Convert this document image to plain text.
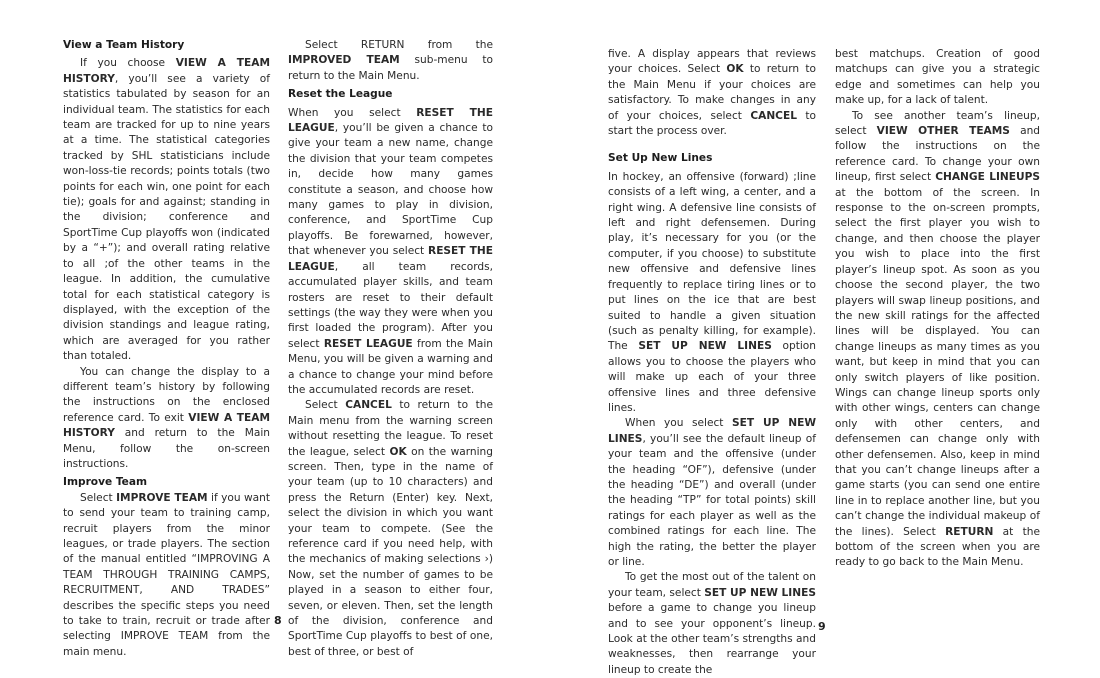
View a Team History

If you choose VIEW A TEAM HISTORY, you’ll see a variety of statistics tabulated by season for an individual team. The statistics for each team are tracked for up to nine years at a time. The statistical categories tracked by SHL statisticians include won-loss-tie records; points totals (two points for each win, one point for each tie); goals for and against; standing in the division; conference and SportTime Cup playoffs won (indicated by a “+”); and overall rating relative to all ;of the other teams in the league. In addition, the cumulative total for each statistical category is displayed, with the exception of the division standings and league rating, which are averaged for you rather than totaled.

You can change the display to a different team’s history by following the instructions on the enclosed reference card. To exit VIEW A TEAM HISTORY and return to the Main Menu, follow the on-screen instructions.

Improve Team

Select IMPROVE TEAM if you want to send your team to training camp, recruit players from the minor leagues, or trade players. The section of the manual entitled “IMPROVING A TEAM THROUGH TRAINING CAMPS, RECRUITMENT, AND TRADES” describes the specific steps you need to take to train, recruit or trade after selecting IMPROVE TEAM from the main menu.

Select RETURN from the IMPROVED TEAM sub-menu to return to the Main Menu.

Reset the League

When you select RESET THE LEAGUE, you’ll be given a chance to give your team a new name, change the division that your team competes in, decide how many games constitute a season, and choose how many games to play in division, conference, and SportTime Cup playoffs. Be forewarned, however, that whenever you select RESET THE LEAGUE, all team records, accumulated player skills, and team rosters are reset to their default settings (the way they were when you first loaded the program). After you select RESET LEAGUE from the Main Menu, you will be given a warning and a chance to change your mind before the accumulated records are reset.

Select CANCEL to return to the Main menu from the warning screen without resetting the league. To reset the league, select OK on the warning screen. Then, type in the name of your team (up to 10 characters) and press the Return (Enter) key. Next, select the division in which you want your team to compete. (See the reference card if you need help, with the mechanics of making selections ›) Now, set the number of games to be played in a season to either four, seven, or eleven. Then, set the length of the division, conference and SportTime Cup playoffs to best of one, best of three, or best of

five. A display appears that reviews your choices. Select OK to return to the Main Menu if your choices are satisfactory. To make changes in any of your choices, select CANCEL to start the process over.

Set Up New Lines

In hockey, an offensive (forward) ;line consists of a left wing, a center, and a right wing. A defensive line consists of left and right defensemen. During play, it’s necessary for you (or the computer, if you choose) to substitute new offensive and defensive lines frequently to replace tiring lines or to put lines on the ice that are best suited to handle a given situation (such as penalty killing, for example). The SET UP NEW LINES option allows you to choose the players who will make up each of your three offensive lines and three defensive lines.

When you select SET UP NEW LINES, you’ll see the default lineup of your team and the offensive (under the heading “OF”), defensive (under the heading “DE”) and overall (under the heading “TP” for total points) skill ratings for each player as well as the combined ratings for each line. The high the rating, the better the player or line.

To get the most out of the talent on your team, select SET UP NEW LINES before a game to change you lineup and to see your opponent’s lineup. Look at the other team’s strengths and weaknesses, then rearrange your lineup to create the

best matchups. Creation of good matchups can give you a strategic edge and sometimes can help you make up, for a lack of talent.

To see another team’s lineup, select VIEW OTHER TEAMS and follow the instructions on the reference card. To change your own lineup, first select CHANGE LINEUPS at the bottom of the screen. In response to the on-screen prompts, select the first player you wish to change, and then choose the player you wish to place into the first player’s lineup spot. As soon as you choose the second player, the two players will swap lineup positions, and the new skill ratings for the affected lines will be displayed. You can change lineups as many times as you want, but keep in mind that you can only switch players of like position. Wings can change lineup sports only with other wings, centers can change only with other centers, and defensemen can change only with other defensemen. Also, keep in mind that you can’t change lineups after a game starts (you can send one entire line in to replace another line, but you can’t change the individual makeup of the lines). Select RETURN at the bottom of the screen when you are ready to go back to the Main Menu.

8	9
